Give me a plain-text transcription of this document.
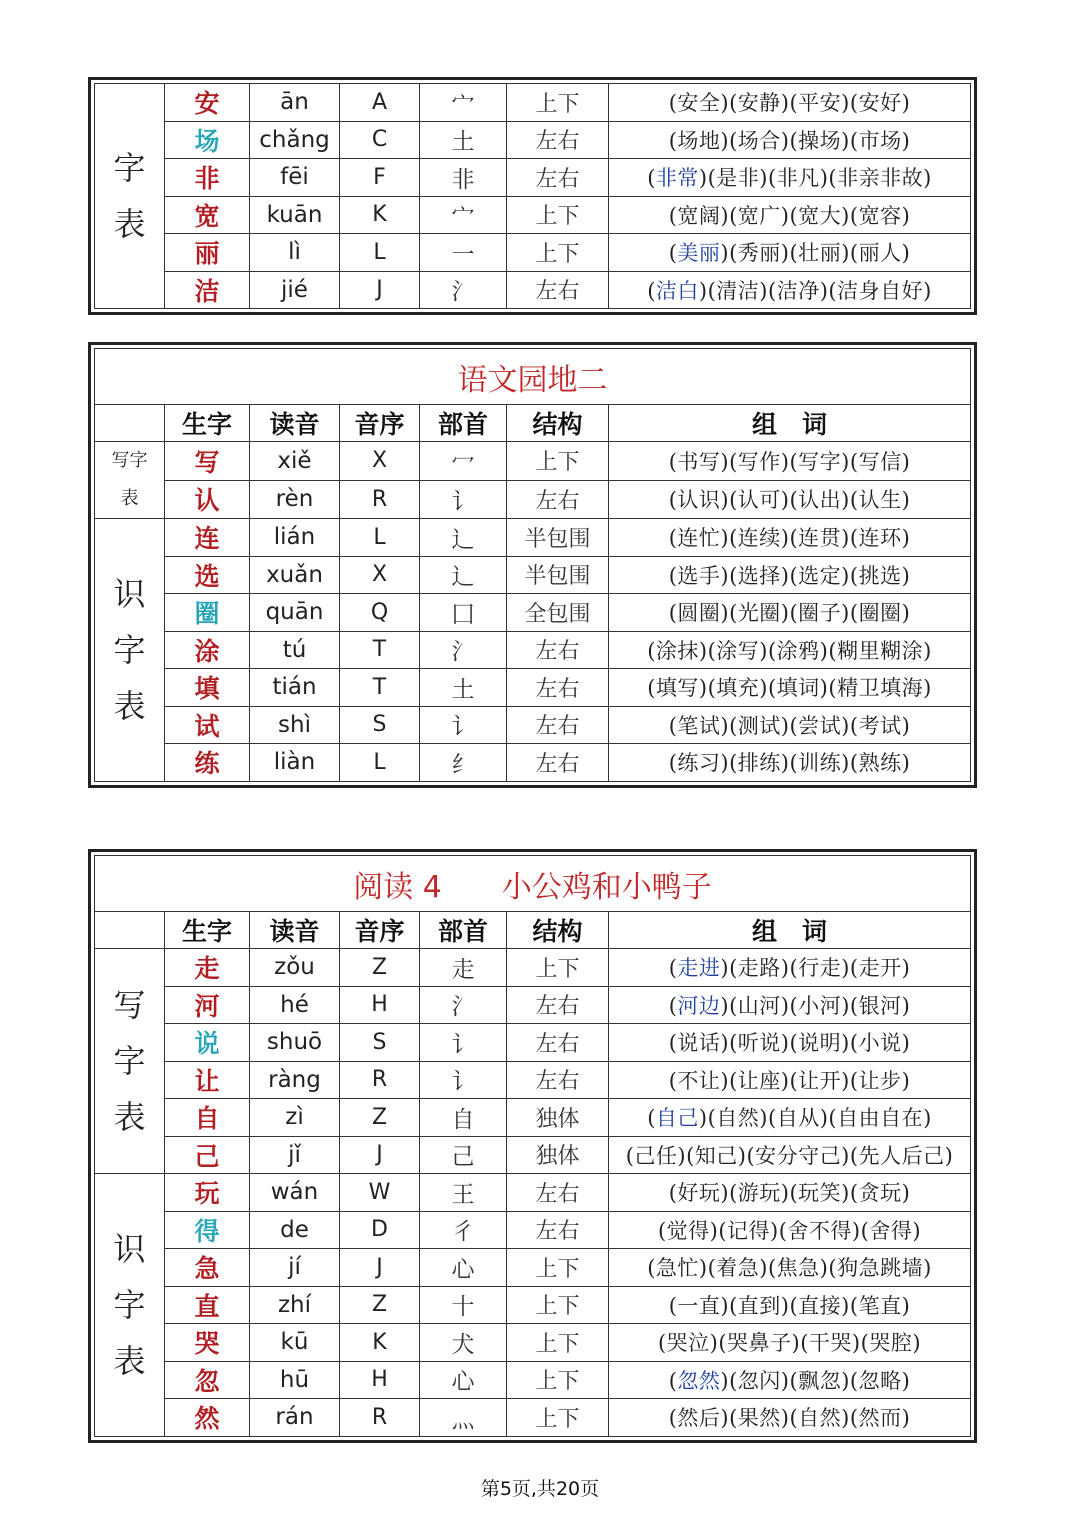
字
表	安	ān	A	宀	上下	(安全)(安静)(平安)(安好)
	场	chǎng	C	土	左右	(场地)(场合)(操场)(市场)
	非	fēi	F	非	左右	(非常)(是非)(非凡)(非亲非故)
	宽	kuān	K	宀	上下	(宽阔)(宽广)(宽大)(宽容)
	丽	lì	L	一	上下	(美丽)(秀丽)(壮丽)(丽人)
	洁	jié	J	氵	左右	(洁白)(清洁)(洁净)(洁身自好)
语文园地二						
	生字	读音	音序	部首	结构	组　词
写字
表	写	xiě	X	冖	上下	(书写)(写作)(写字)(写信)
	认	rèn	R	讠	左右	(认识)(认可)(认出)(认生)
识
字
表	连	lián	L	辶	半包围	(连忙)(连续)(连贯)(连环)
	选	xuǎn	X	辶	半包围	(选手)(选择)(选定)(挑选)
	圈	quān	Q	囗	全包围	(圆圈)(光圈)(圈子)(圈圈)
	涂	tú	T	氵	左右	(涂抹)(涂写)(涂鸦)(糊里糊涂)
	填	tián	T	土	左右	(填写)(填充)(填词)(精卫填海)
	试	shì	S	讠	左右	(笔试)(测试)(尝试)(考试)
	练	liàn	L	纟	左右	(练习)(排练)(训练)(熟练)
阅读 4　　小公鸡和小鸭子						
	生字	读音	音序	部首	结构	组　词
写
字
表	走	zǒu	Z	走	上下	(走进)(走路)(行走)(走开)
	河	hé	H	氵	左右	(河边)(山河)(小河)(银河)
	说	shuō	S	讠	左右	(说话)(听说)(说明)(小说)
	让	ràng	R	讠	左右	(不让)(让座)(让开)(让步)
	自	zì	Z	自	独体	(自己)(自然)(自从)(自由自在)
	己	jǐ	J	己	独体	(己任)(知己)(安分守己)(先人后己)
识
字
表	玩	wán	W	王	左右	(好玩)(游玩)(玩笑)(贪玩)
	得	de	D	彳	左右	(觉得)(记得)(舍不得)(舍得)
	急	jí	J	心	上下	(急忙)(着急)(焦急)(狗急跳墙)
	直	zhí	Z	十	上下	(一直)(直到)(直接)(笔直)
	哭	kū	K	犬	上下	(哭泣)(哭鼻子)(干哭)(哭腔)
	忽	hū	H	心	上下	(忽然)(忽闪)(飘忽)(忽略)
	然	rán	R	灬	上下	(然后)(果然)(自然)(然而)
第5页,共20页
